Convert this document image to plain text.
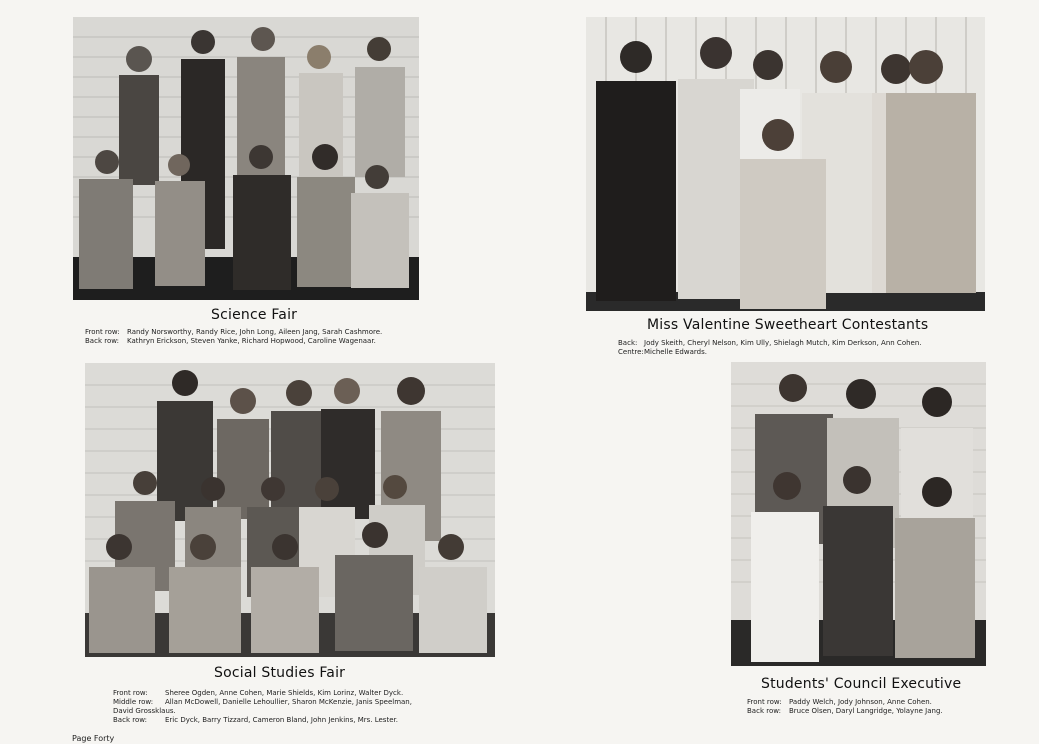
Science Fair
Front row: Randy Norsworthy, Randy Rice, John Long, Aileen Jang, Sarah Cashmore.
Back row: Kathryn Erickson, Steven Yanke, Richard Hopwood, Caroline Wagenaar.
Miss Valentine Sweetheart Contestants
Back: Jody Skeith, Cheryl Nelson, Kim Ully, Shielagh Mutch, Kim Derkson, Ann Cohen.
Centre:Michelle Edwards.
Social Studies Fair
Front row: Sheree Ogden, Anne Cohen, Marie Shields, Kim Lorinz, Walter Dyck.
Middle row: Allan McDowell, Danielle Lehoullier, Sharon McKenzie, Janis Speelman,
David Grossklaus.
Back row:	Eric Dyck, Barry Tizzard, Cameron Bland, John Jenkins, Mrs. Lester.
Students' Council Executive
Front row: Paddy Welch, Jody Johnson, Anne Cohen.
Back row: Bruce Olsen, Daryl Langridge, Yolayne Jang.
Page Forty
